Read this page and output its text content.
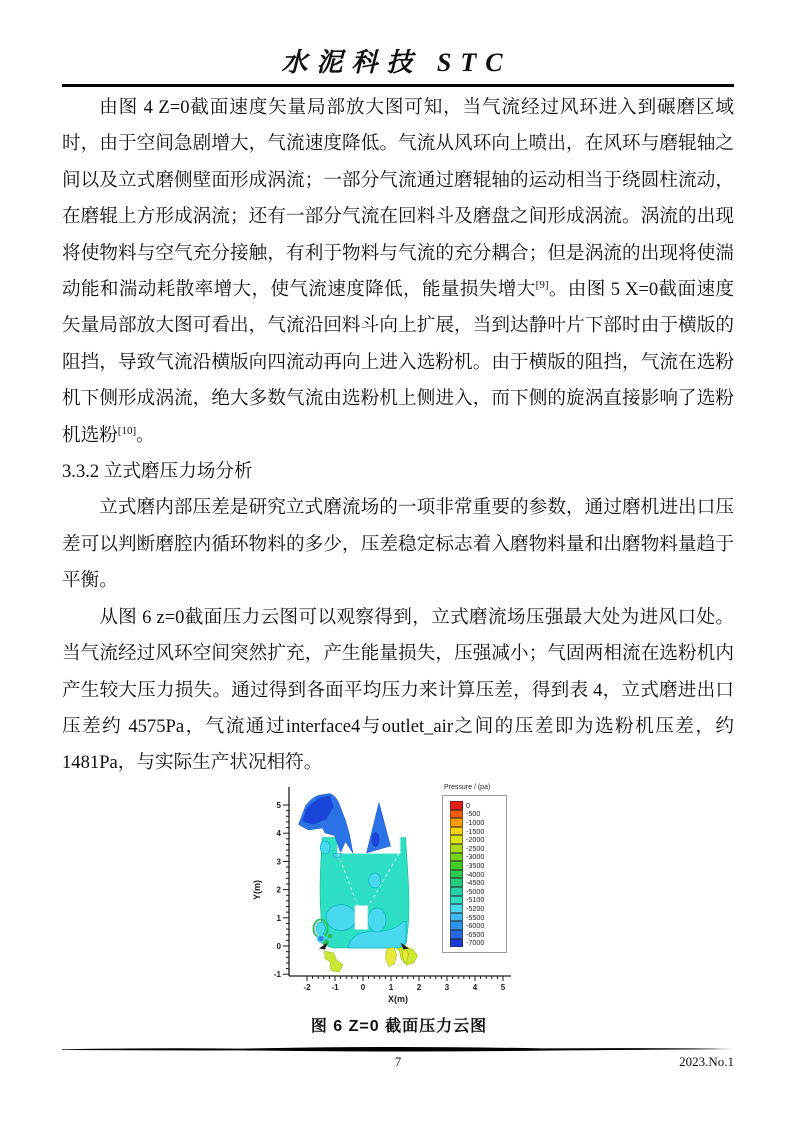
水泥科技 STC

由图 4 Z=0截面速度矢量局部放大图可知，当气流经过风环进入到碾磨区域时，由于空间急剧增大，气流速度降低。气流从风环向上喷出，在风环与磨辊轴之间以及立式磨侧壁面形成涡流；一部分气流通过磨辊轴的运动相当于绕圆柱流动，在磨辊上方形成涡流；还有一部分气流在回料斗及磨盘之间形成涡流。涡流的出现将使物料与空气充分接触，有利于物料与气流的充分耦合；但是涡流的出现将使湍动能和湍动耗散率增大，使气流速度降低，能量损失增大[9]。由图 5 X=0截面速度矢量局部放大图可看出，气流沿回料斗向上扩展，当到达静叶片下部时由于横版的阻挡，导致气流沿横版向四流动再向上进入选粉机。由于横版的阻挡，气流在选粉机下侧形成涡流，绝大多数气流由选粉机上侧进入，而下侧的旋涡直接影响了选粉机选粉[10]。

3.3.2 立式磨压力场分析

立式磨内部压差是研究立式磨流场的一项非常重要的参数，通过磨机进出口压差可以判断磨腔内循环物料的多少，压差稳定标志着入磨物料量和出磨物料量趋于平衡。

从图 6 z=0截面压力云图可以观察得到，立式磨流场压强最大处为进风口处。当气流经过风环空间突然扩充，产生能量损失，压强减小；气固两相流在选粉机内产生较大压力损失。通过得到各面平均压力来计算压差，得到表 4，立式磨进出口压差约 4575Pa，气流通过interface4与outlet_air之间的压差即为选粉机压差，约 1481Pa，与实际生产状况相符。

-2	-1	0	1	2	3	4	5
-1
0
1
2
3
4
5
X(m)
Y(m)
Pressure / (pa)
0
-500
-1000
-1500
-2000
-2500
-3000
-3500
-4000
-4500
-5000
-5100
-5200
-5500
-6000
-6500
-7000
图 6 Z=0 截面压力云图
7	2023.No.1
